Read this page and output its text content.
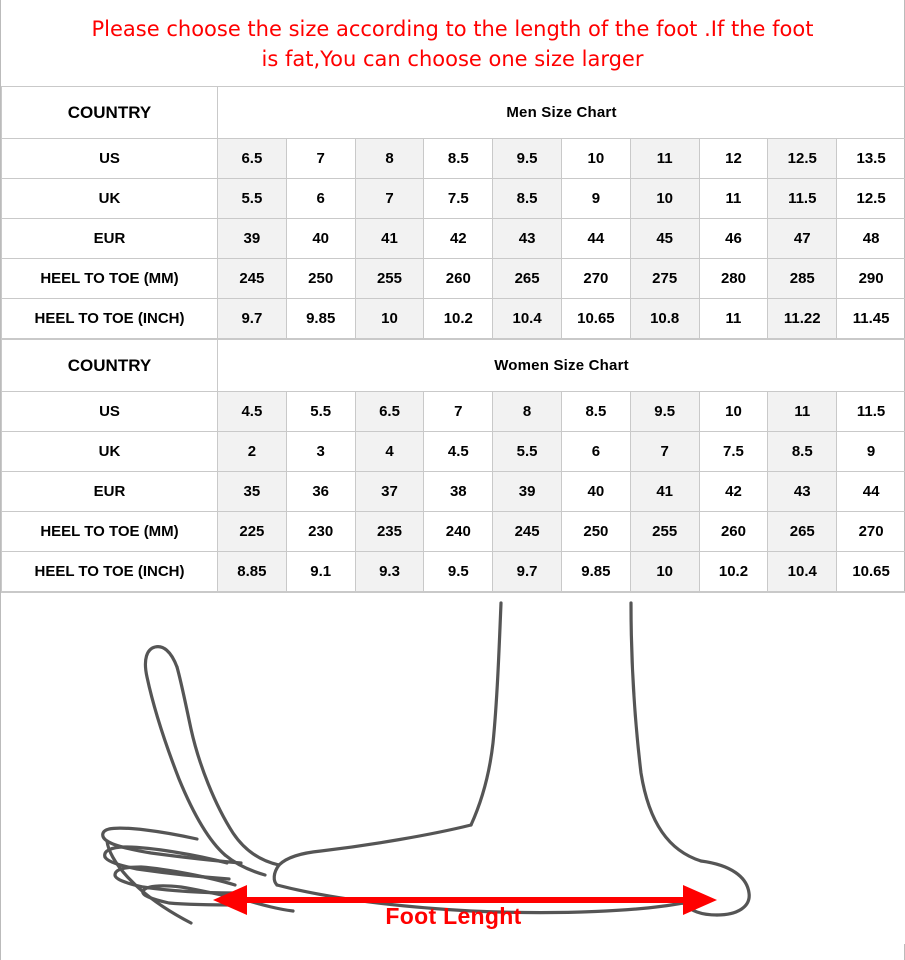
Please choose the size according to the length of the foot .If the foot
is fat,You can choose one size larger
COUNTRY	Men Size Chart									
US	6.5	7	8	8.5	9.5	10	11	12	12.5	13.5
UK	5.5	6	7	7.5	8.5	9	10	11	11.5	12.5
EUR	39	40	41	42	43	44	45	46	47	48
HEEL TO TOE (MM)	245	250	255	260	265	270	275	280	285	290
HEEL TO TOE (INCH)	9.7	9.85	10	10.2	10.4	10.65	10.8	11	11.22	11.45
COUNTRY	Women Size Chart									
US	4.5	5.5	6.5	7	8	8.5	9.5	10	11	11.5
UK	2	3	4	4.5	5.5	6	7	7.5	8.5	9
EUR	35	36	37	38	39	40	41	42	43	44
HEEL TO TOE (MM)	225	230	235	240	245	250	255	260	265	270
HEEL TO TOE (INCH)	8.85	9.1	9.3	9.5	9.7	9.85	10	10.2	10.4	10.65
Foot Lenght
